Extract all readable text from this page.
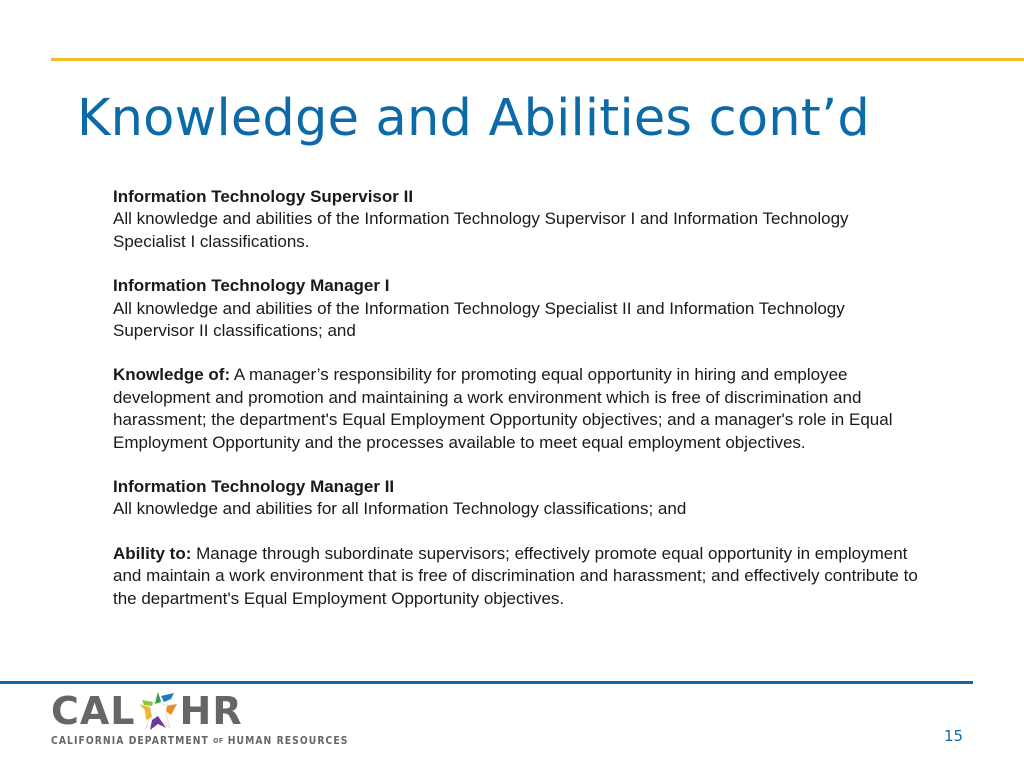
Knowledge and Abilities cont’d
Information Technology Supervisor II

All knowledge and abilities of the Information Technology Supervisor I and Information Technology Specialist I classifications.

Information Technology Manager I

All knowledge and abilities of the Information Technology Specialist II and Information Technology Supervisor II classifications; and

Knowledge of: A manager’s responsibility for promoting equal opportunity in hiring and employee development and promotion and maintaining a work environment which is free of discrimination and harassment; the department's Equal Employment Opportunity objectives; and a manager's role in Equal Employment Opportunity and the processes available to meet equal employment objectives.

Information Technology Manager II

All knowledge and abilities for all Information Technology classifications; and

Ability to: Manage through subordinate supervisors; effectively promote equal opportunity in employment and maintain a work environment that is free of discrimination and harassment; and effectively contribute to the department's Equal Employment Opportunity objectives.

CAL HR
CALIFORNIA DEPARTMENT OF HUMAN RESOURCES	15
